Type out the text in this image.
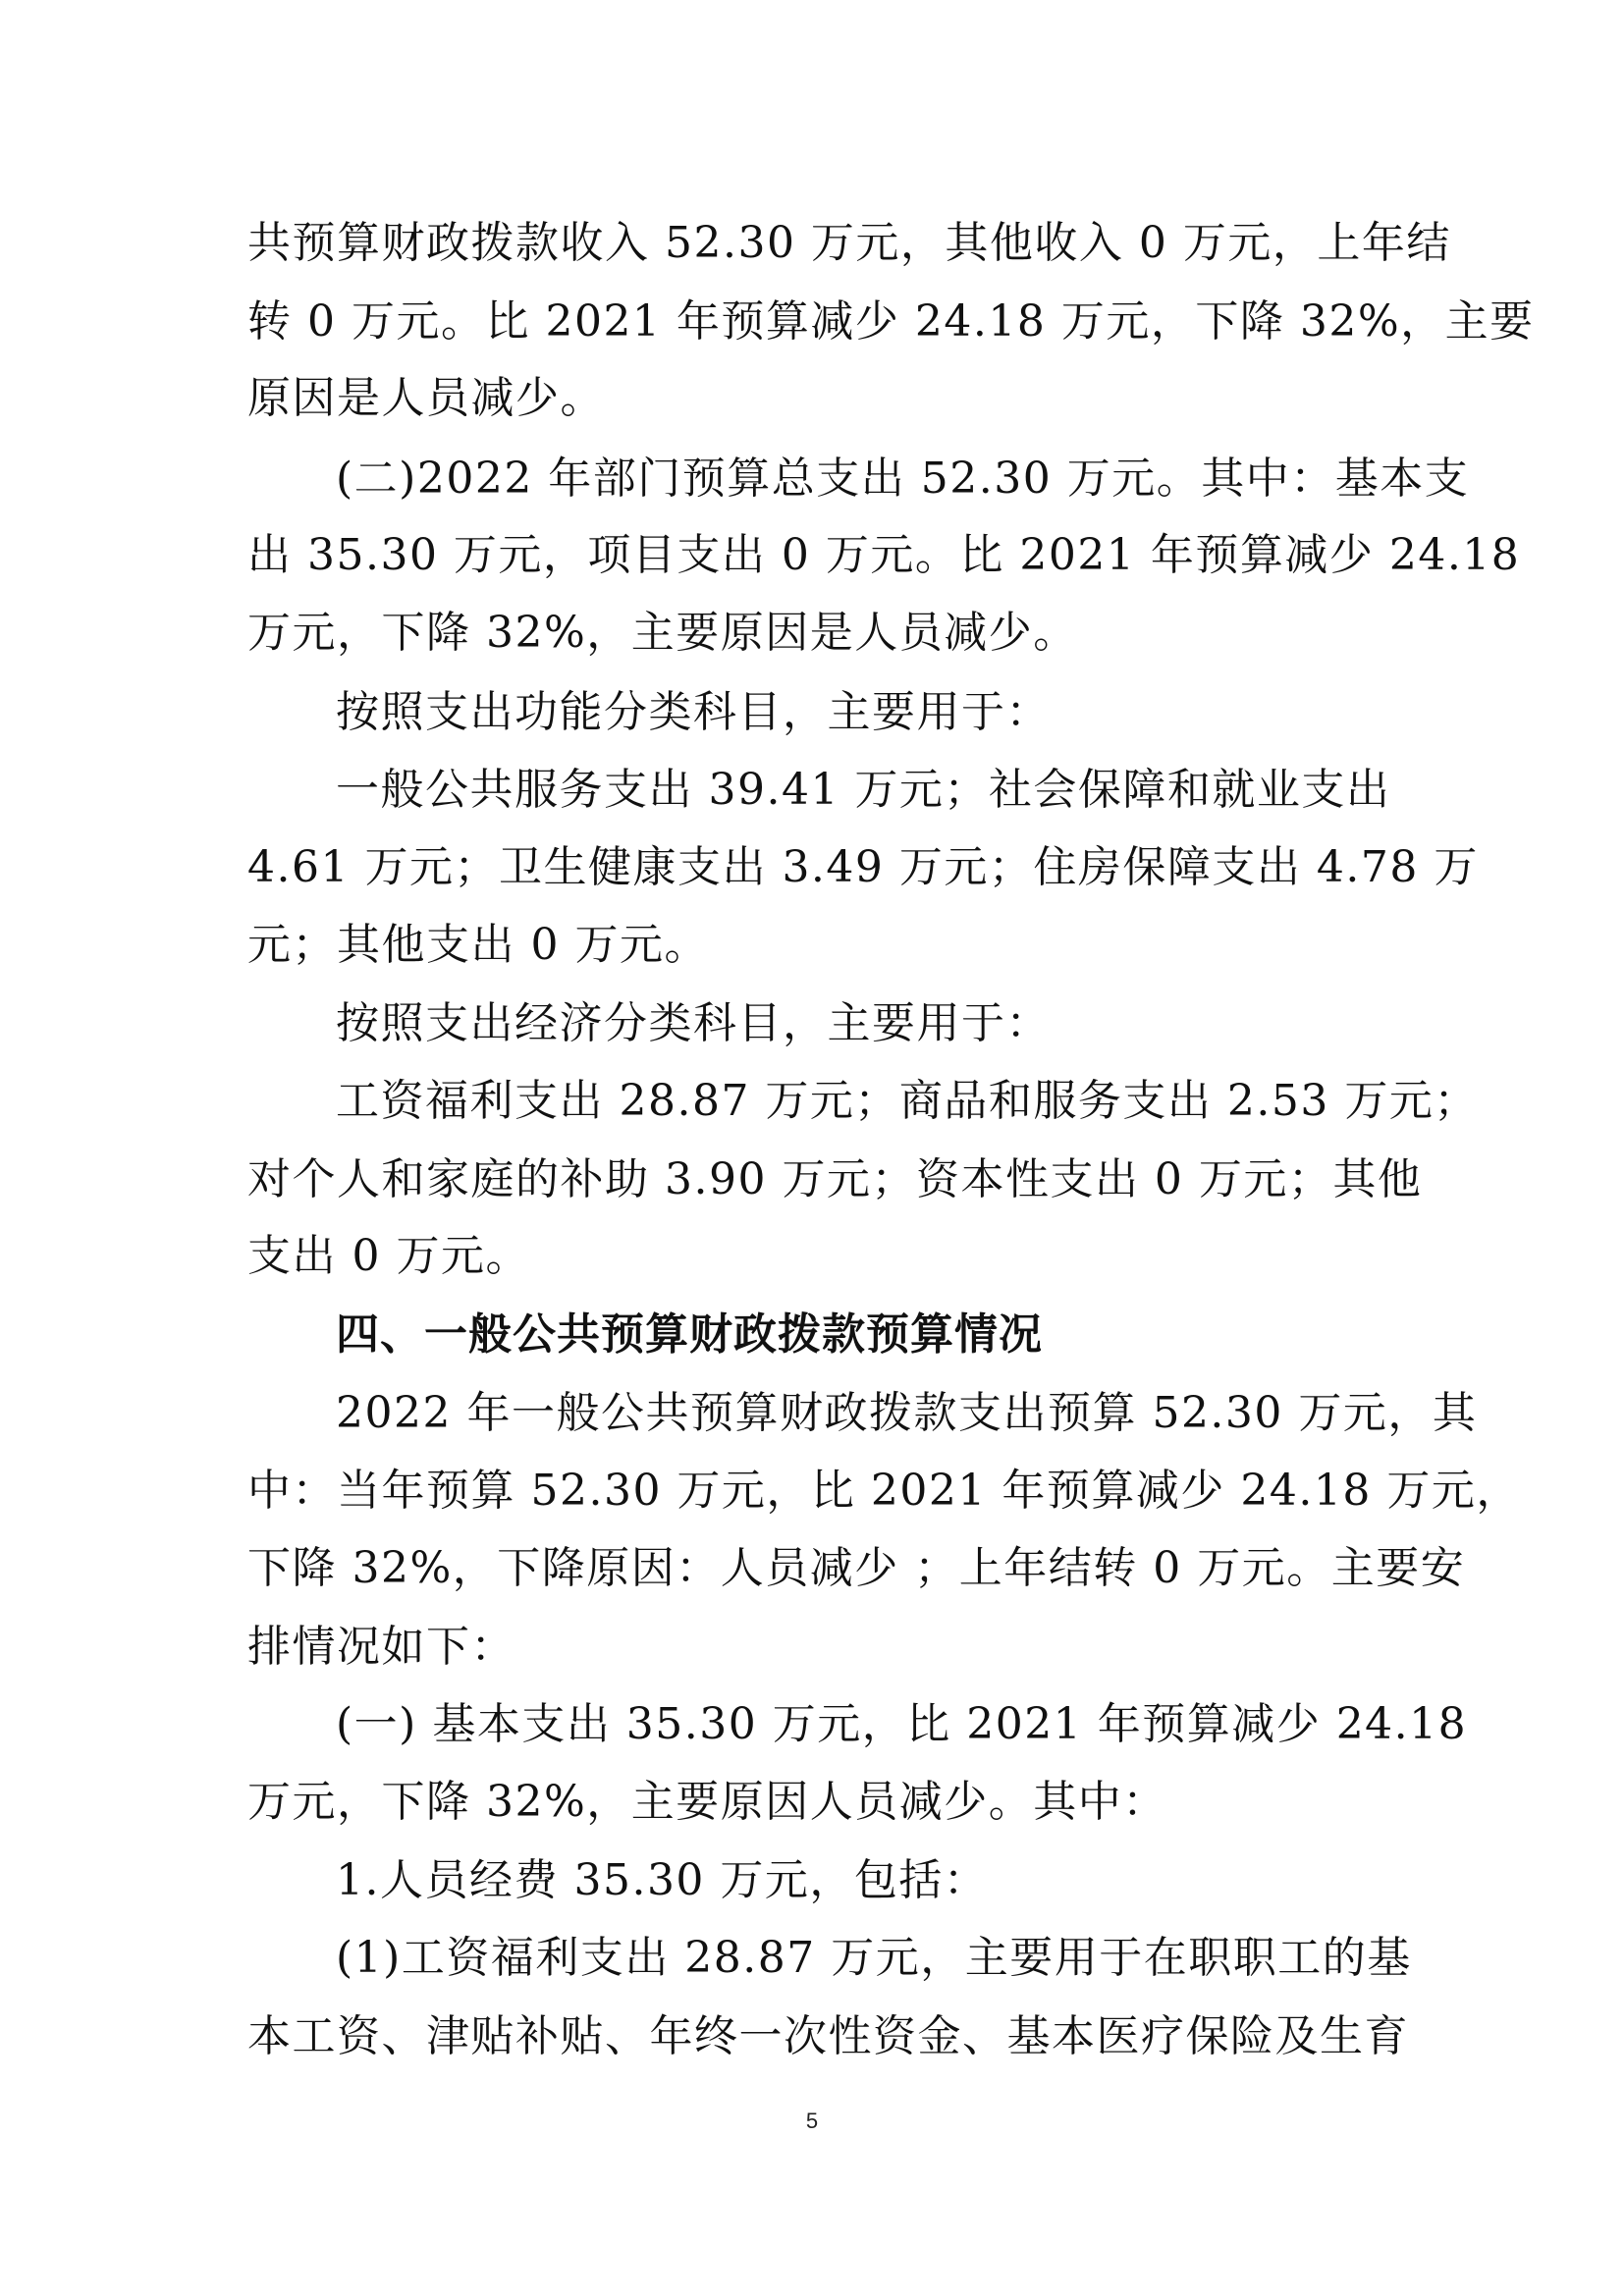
共预算财政拨款收入 52.30 万元，其他收入 0 万元，上年结
转 0 万元。比 2021 年预算减少 24.18 万元，下降 32%，主要
原因是人员减少。
(二)2022 年部门预算总支出 52.30 万元。其中：基本支
出 35.30 万元，项目支出 0 万元。比 2021 年预算减少 24.18
万元，下降 32%，主要原因是人员减少。
按照支出功能分类科目，主要用于：
一般公共服务支出 39.41 万元；社会保障和就业支出
4.61 万元；卫生健康支出 3.49 万元；住房保障支出 4.78 万
元；其他支出 0 万元。
按照支出经济分类科目，主要用于：
工资福利支出 28.87 万元；商品和服务支出 2.53 万元；
对个人和家庭的补助 3.90 万元；资本性支出 0 万元；其他
支出 0 万元。
四、一般公共预算财政拨款预算情况
2022 年一般公共预算财政拨款支出预算 52.30 万元，其
中：当年预算 52.30 万元，比 2021 年预算减少 24.18 万元，
下降 32%，下降原因：人员减少 ；上年结转 0 万元。主要安
排情况如下：
(一) 基本支出 35.30 万元，比 2021 年预算减少 24.18
万元，下降 32%，主要原因人员减少。其中：
1.人员经费 35.30 万元，包括：
(1)工资福利支出 28.87 万元，主要用于在职职工的基
本工资、津贴补贴、年终一次性资金、基本医疗保险及生育
5
